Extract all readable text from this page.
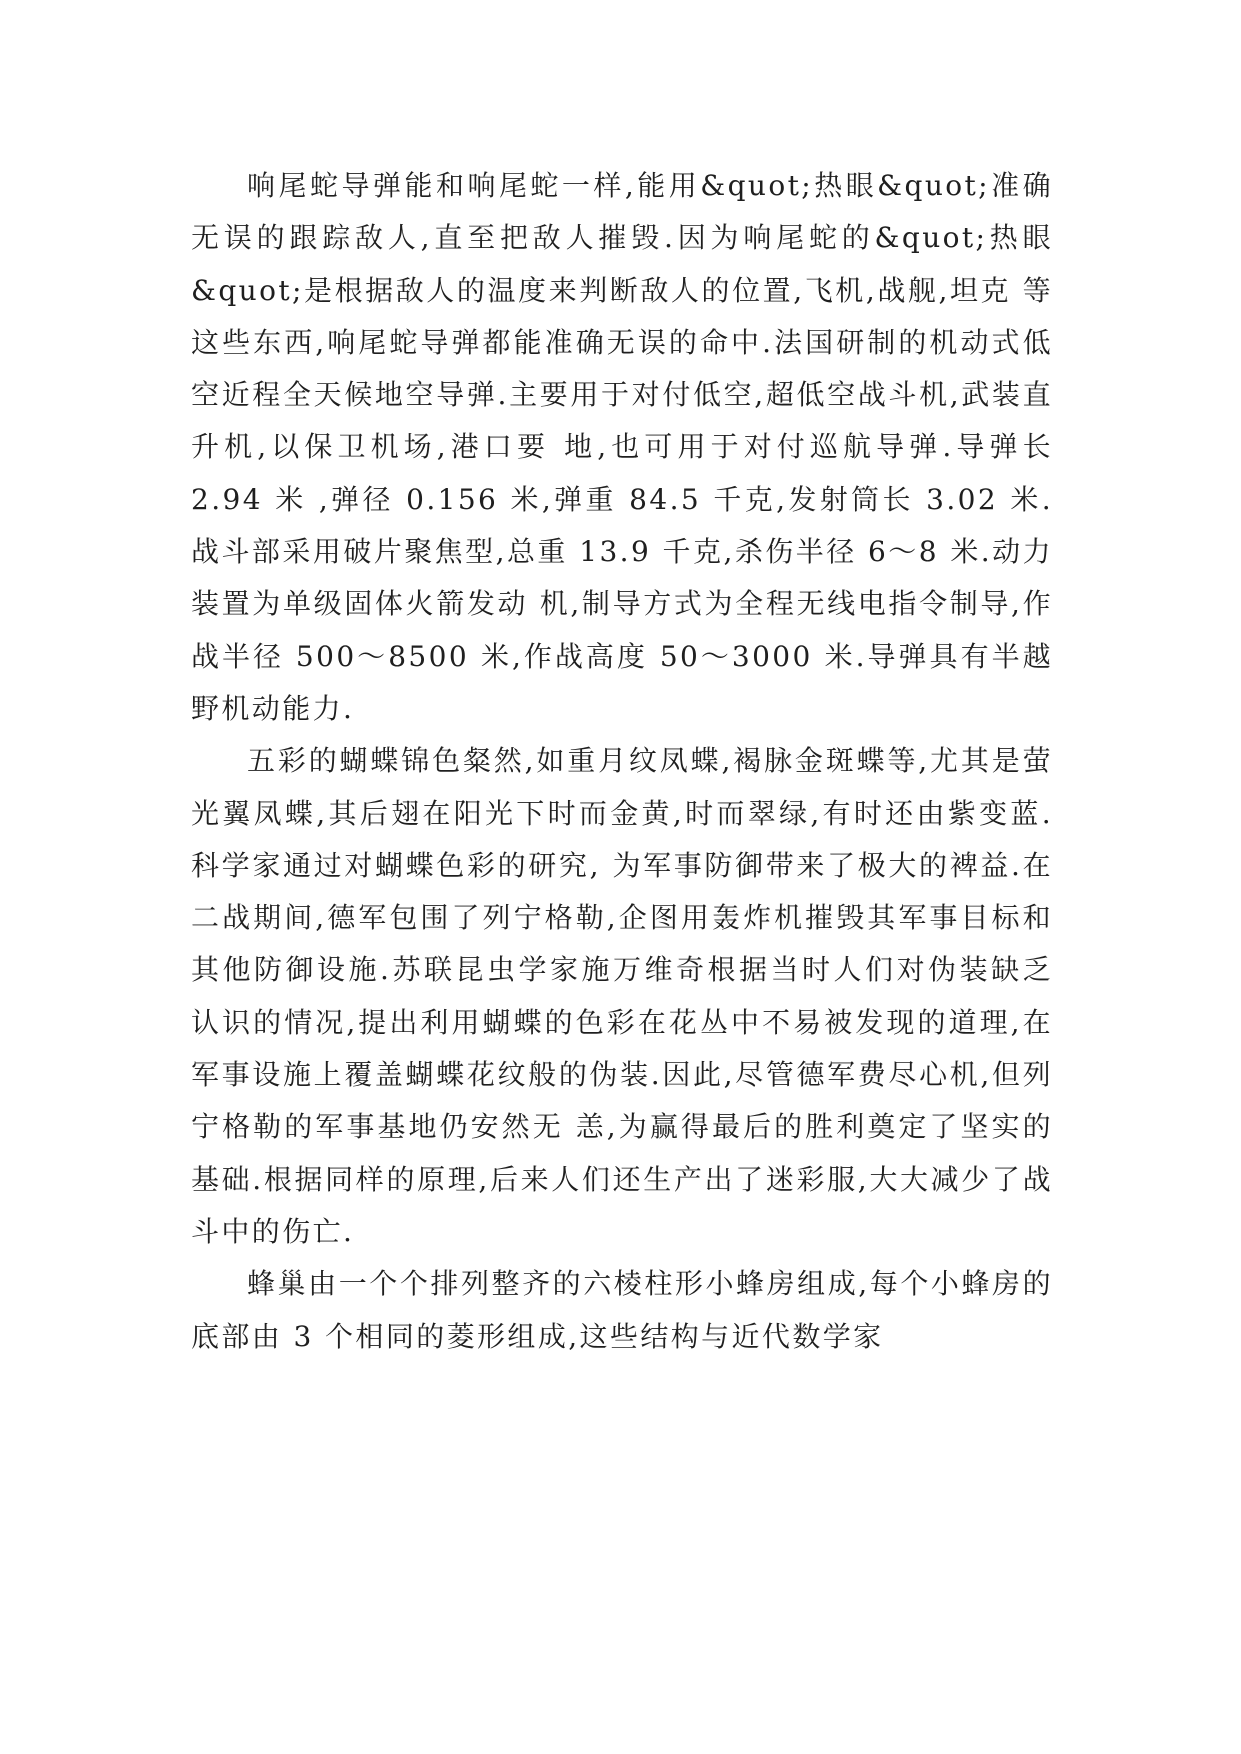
响尾蛇导弹能和响尾蛇一样,能用&quot;热眼&quot;准确无误的跟踪敌人,直至把敌人摧毁.因为响尾蛇的&quot;热眼&quot;是根据敌人的温度来判断敌人的位置,飞机,战舰,坦克 等这些东西,响尾蛇导弹都能准确无误的命中.法国研制的机动式低空近程全天候地空导弹.主要用于对付低空,超低空战斗机,武装直升机,以保卫机场,港口要 地,也可用于对付巡航导弹.导弹长 2.94 米 ,弹径 0.156 米,弹重 84.5 千克,发射筒长 3.02 米.战斗部采用破片聚焦型,总重 13.9 千克,杀伤半径 6～8 米.动力装置为单级固体火箭发动 机,制导方式为全程无线电指令制导,作战半径 500～8500 米,作战高度 50～3000 米.导弹具有半越野机动能力.

五彩的蝴蝶锦色粲然,如重月纹凤蝶,褐脉金斑蝶等,尤其是萤光翼凤蝶,其后翅在阳光下时而金黄,时而翠绿,有时还由紫变蓝.科学家通过对蝴蝶色彩的研究, 为军事防御带来了极大的裨益.在二战期间,德军包围了列宁格勒,企图用轰炸机摧毁其军事目标和其他防御设施.苏联昆虫学家施万维奇根据当时人们对伪装缺乏 认识的情况,提出利用蝴蝶的色彩在花丛中不易被发现的道理,在军事设施上覆盖蝴蝶花纹般的伪装.因此,尽管德军费尽心机,但列宁格勒的军事基地仍安然无 恙,为赢得最后的胜利奠定了坚实的基础.根据同样的原理,后来人们还生产出了迷彩服,大大减少了战斗中的伤亡.

蜂巢由一个个排列整齐的六棱柱形小蜂房组成,每个小蜂房的底部由 3 个相同的菱形组成,这些结构与近代数学家
